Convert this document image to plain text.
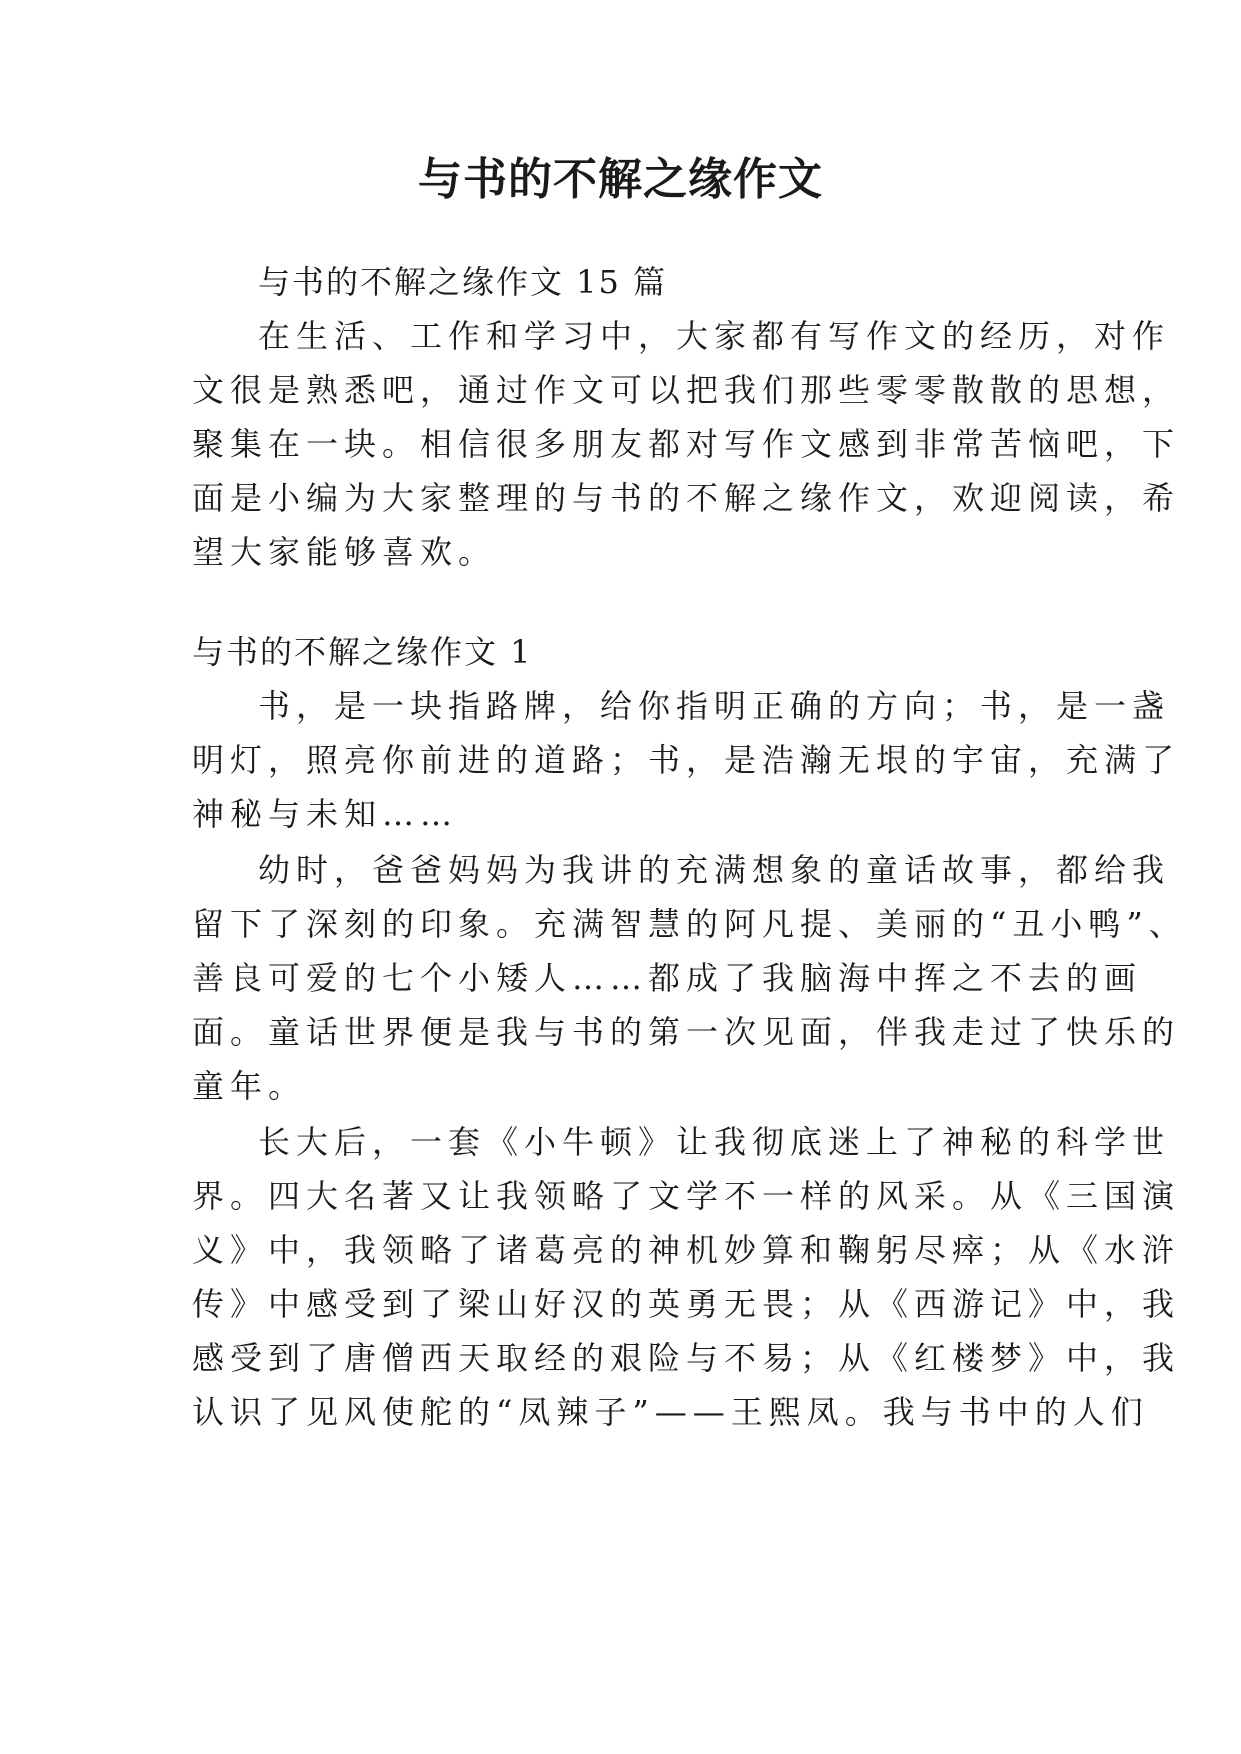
与书的不解之缘作文
与书的不解之缘作文 15 篇
在生活、工作和学习中，大家都有写作文的经历，对作
文很是熟悉吧，通过作文可以把我们那些零零散散的思想，
聚集在一块。相信很多朋友都对写作文感到非常苦恼吧，下
面是小编为大家整理的与书的不解之缘作文，欢迎阅读，希
望大家能够喜欢。
与书的不解之缘作文 1
书，是一块指路牌，给你指明正确的方向；书，是一盏
明灯，照亮你前进的道路；书，是浩瀚无垠的宇宙，充满了
神秘与未知……
幼时，爸爸妈妈为我讲的充满想象的童话故事，都给我
留下了深刻的印象。充满智慧的阿凡提、美丽的“丑小鸭”、
善良可爱的七个小矮人……都成了我脑海中挥之不去的画
面。童话世界便是我与书的第一次见面，伴我走过了快乐的
童年。
长大后，一套《小牛顿》让我彻底迷上了神秘的科学世
界。四大名著又让我领略了文学不一样的风采。从《三国演
义》中，我领略了诸葛亮的神机妙算和鞠躬尽瘁；从《水浒
传》中感受到了梁山好汉的英勇无畏；从《西游记》中，我
感受到了唐僧西天取经的艰险与不易；从《红楼梦》中，我
认识了见风使舵的“凤辣子”——王熙凤。我与书中的人们
